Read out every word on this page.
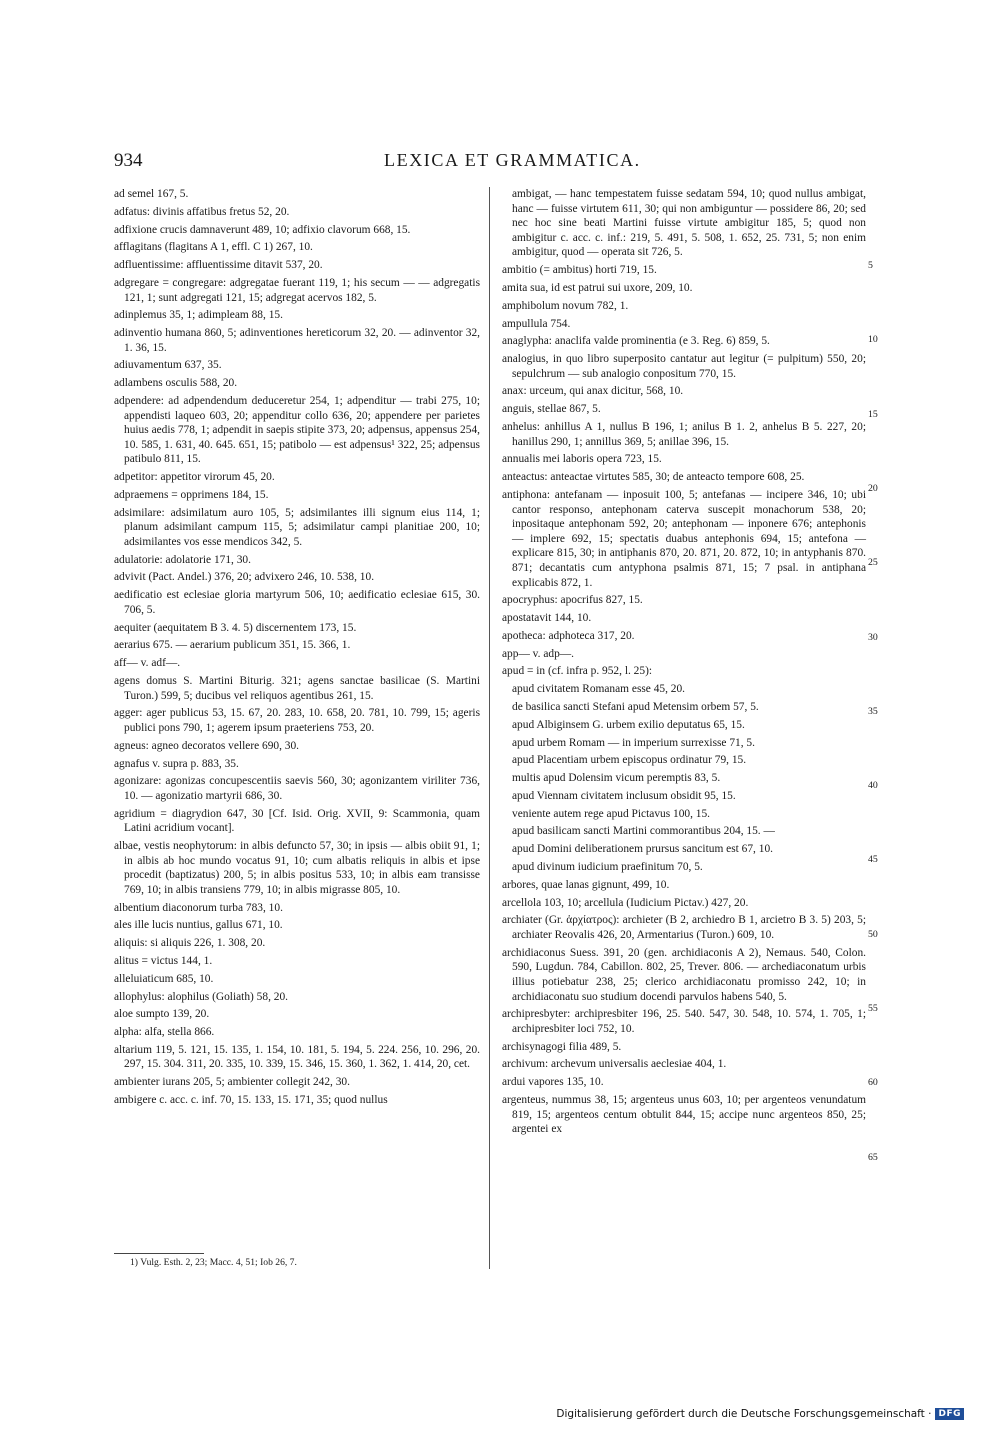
934	LEXICA ET GRAMMATICA.

ad semel 167, 5.

adfatus: divinis affatibus fretus 52, 20.

adfixione crucis damnaverunt 489, 10; adfixio clavorum 668, 15.

afflagitans (flagitans A 1, effl. C 1) 267, 10.

adfluentissime: affluentissime ditavit 537, 20.

adgregare = congregare: adgregatae fuerant 119, 1; his secum — — adgregatis 121, 1; sunt adgregati 121, 15; adgregat acervos 182, 5.

adinplemus 35, 1; adimpleam 88, 15.

adinventio humana 860, 5; adinventiones hereticorum 32, 20. — adinventor 32, 1. 36, 15.

adiuvamentum 637, 35.

adlambens osculis 588, 20.

adpendere: ad adpendendum deduceretur 254, 1; adpenditur — trabi 275, 10; appendisti laqueo 603, 20; appenditur collo 636, 20; appendere per parietes huius aedis 778, 1; adpendit in saepis stipite 373, 20; adpensus, appensus 254, 10. 585, 1. 631, 40. 645. 651, 15; patibolo — est adpensus¹ 322, 25; adpensus patibulo 811, 15.

adpetitor: appetitor virorum 45, 20.

adpraemens = opprimens 184, 15.

adsimilare: adsimilatum auro 105, 5; adsimilantes illi signum eius 114, 1; planum adsimilant campum 115, 5; adsimilatur campi planitiae 200, 10; adsimilantes vos esse mendicos 342, 5.

adulatorie: adolatorie 171, 30.

advivit (Pact. Andel.) 376, 20; advixero 246, 10. 538, 10.

aedificatio est eclesiae gloria martyrum 506, 10; aedificatio eclesiae 615, 30. 706, 5.

aequiter (aequitatem B 3. 4. 5) discernentem 173, 15.

aerarius 675. — aerarium publicum 351, 15. 366, 1.

aff— v. adf—.

agens domus S. Martini Biturig. 321; agens sanctae basilicae (S. Martini Turon.) 599, 5; ducibus vel reliquos agentibus 261, 15.

agger: ager publicus 53, 15. 67, 20. 283, 10. 658, 20. 781, 10. 799, 15; ageris publici pons 790, 1; agerem ipsum praeteriens 753, 20.

agneus: agneo decoratos vellere 690, 30.

agnafus v. supra p. 883, 35.

agonizare: agonizas concupescentiis saevis 560, 30; agonizantem viriliter 736, 10. — agonizatio martyrii 686, 30.

agridium = diagrydion 647, 30 [Cf. Isid. Orig. XVII, 9: Scammonia, quam Latini acridium vocant].

albae, vestis neophytorum: in albis defuncto 57, 30; in ipsis — albis obiit 91, 1; in albis ab hoc mundo vocatus 91, 10; cum albatis reliquis in albis et ipse procedit (baptizatus) 200, 5; in albis positus 533, 10; in albis eam transisse 769, 10; in albis transiens 779, 10; in albis migrasse 805, 10.

albentium diaconorum turba 783, 10.

ales ille lucis nuntius, gallus 671, 10.

aliquis: si aliquis 226, 1. 308, 20.

alitus = victus 144, 1.

alleluiaticum 685, 10.

allophylus: alophilus (Goliath) 58, 20.

aloe sumpto 139, 20.

alpha: alfa, stella 866.

altarium 119, 5. 121, 15. 135, 1. 154, 10. 181, 5. 194, 5. 224. 256, 10. 296, 20. 297, 15. 304. 311, 20. 335, 10. 339, 15. 346, 15. 360, 1. 362, 1. 414, 20, cet.

ambienter iurans 205, 5; ambienter collegit 242, 30.

ambigere c. acc. c. inf. 70, 15. 133, 15. 171, 35; quod nullus

ambigat, — hanc tempestatem fuisse sedatam 594, 10; quod nullus ambigat, hanc — fuisse virtutem 611, 30; qui non ambiguntur — possidere 86, 20; sed nec hoc sine beati Martini fuisse virtute ambigitur 185, 5; quod non ambigitur c. acc. c. inf.: 219, 5. 491, 5. 508, 1. 652, 25. 731, 5; non enim ambigitur, quod — operata sit 726, 5.

ambitio (= ambitus) horti 719, 15.

amita sua, id est patrui sui uxore, 209, 10.

amphibolum novum 782, 1.

ampullula 754.

anaglypha: anaclifa valde prominentia (e 3. Reg. 6) 859, 5.

analogius, in quo libro superposito cantatur aut legitur (= pulpitum) 550, 20; sepulchrum — sub analogio conpositum 770, 15.

anax: urceum, qui anax dicitur, 568, 10.

anguis, stellae 867, 5.

anhelus: anhillus A 1, nullus B 196, 1; anilus B 1. 2, anhelus B 5. 227, 20; hanillus 290, 1; annillus 369, 5; anillae 396, 15.

annualis mei laboris opera 723, 15.

anteactus: anteactae virtutes 585, 30; de anteacto tempore 608, 25.

antiphona: antefanam — inposuit 100, 5; antefanas — incipere 346, 10; ubi cantor responso, antephonam caterva suscepit monachorum 538, 20; inpositaque antephonam 592, 20; antephonam — inponere 676; antephonis — implere 692, 15; spectatis duabus antephonis 694, 15; antefona — explicare 815, 30; in antiphanis 870, 20. 871, 20. 872, 10; in antyphanis 870. 871; decantatis cum antyphona psalmis 871, 15; 7 psal. in antiphana explicabis 872, 1.

apocryphus: apocrifus 827, 15.

apostatavit 144, 10.

apotheca: adphoteca 317, 20.

app— v. adp—.

apud = in (cf. infra p. 952, l. 25):

apud civitatem Romanam esse 45, 20.

de basilica sancti Stefani apud Metensim orbem 57, 5.

apud Albiginsem G. urbem exilio deputatus 65, 15.

apud urbem Romam — in imperium surrexisse 71, 5.

apud Placentiam urbem episcopus ordinatur 79, 15.

multis apud Dolensim vicum peremptis 83, 5.

apud Viennam civitatem inclusum obsidit 95, 15.

veniente autem rege apud Pictavus 100, 15.

apud basilicam sancti Martini commorantibus 204, 15. —

apud Domini deliberationem prursus sancitum est 67, 10.

apud divinum iudicium praefinitum 70, 5.

arbores, quae lanas gignunt, 499, 10.

arcellola 103, 10; arcellula (Iudicium Pictav.) 427, 20.

archiater (Gr. ἀρχίατρος): archieter (B 2, archiedro B 1, arcietro B 3. 5) 203, 5; archiater Reovalis 426, 20, Armentarius (Turon.) 609, 10.

archidiaconus Suess. 391, 20 (gen. archidiaconis A 2), Nemaus. 540, Colon. 590, Lugdun. 784, Cabillon. 802, 25, Trever. 806. — archediaconatum urbis illius potiebatur 238, 25; clerico archidiaconatu promisso 242, 10; in archidiaconatu suo studium docendi parvulos habens 540, 5.

archipresbyter: archipresbiter 196, 25. 540. 547, 30. 548, 10. 574, 1. 705, 1; archipresbiter loci 752, 10.

archisynagogi filia 489, 5.

archivum: archevum universalis aeclesiae 404, 1.

ardui vapores 135, 10.

argenteus, nummus 38, 15; argenteus unus 603, 10; per argenteos venundatum 819, 15; argenteos centum obtulit 844, 15; accipe nunc argenteos 850, 25; argentei ex

5
10
15
20
25
30
35
40
45
50
55
60
65
1) Vulg. Esth. 2, 23; Macc. 4, 51; Iob 26, 7.
Digitalisierung gefördert durch die Deutsche Forschungsgemeinschaft · DFG
